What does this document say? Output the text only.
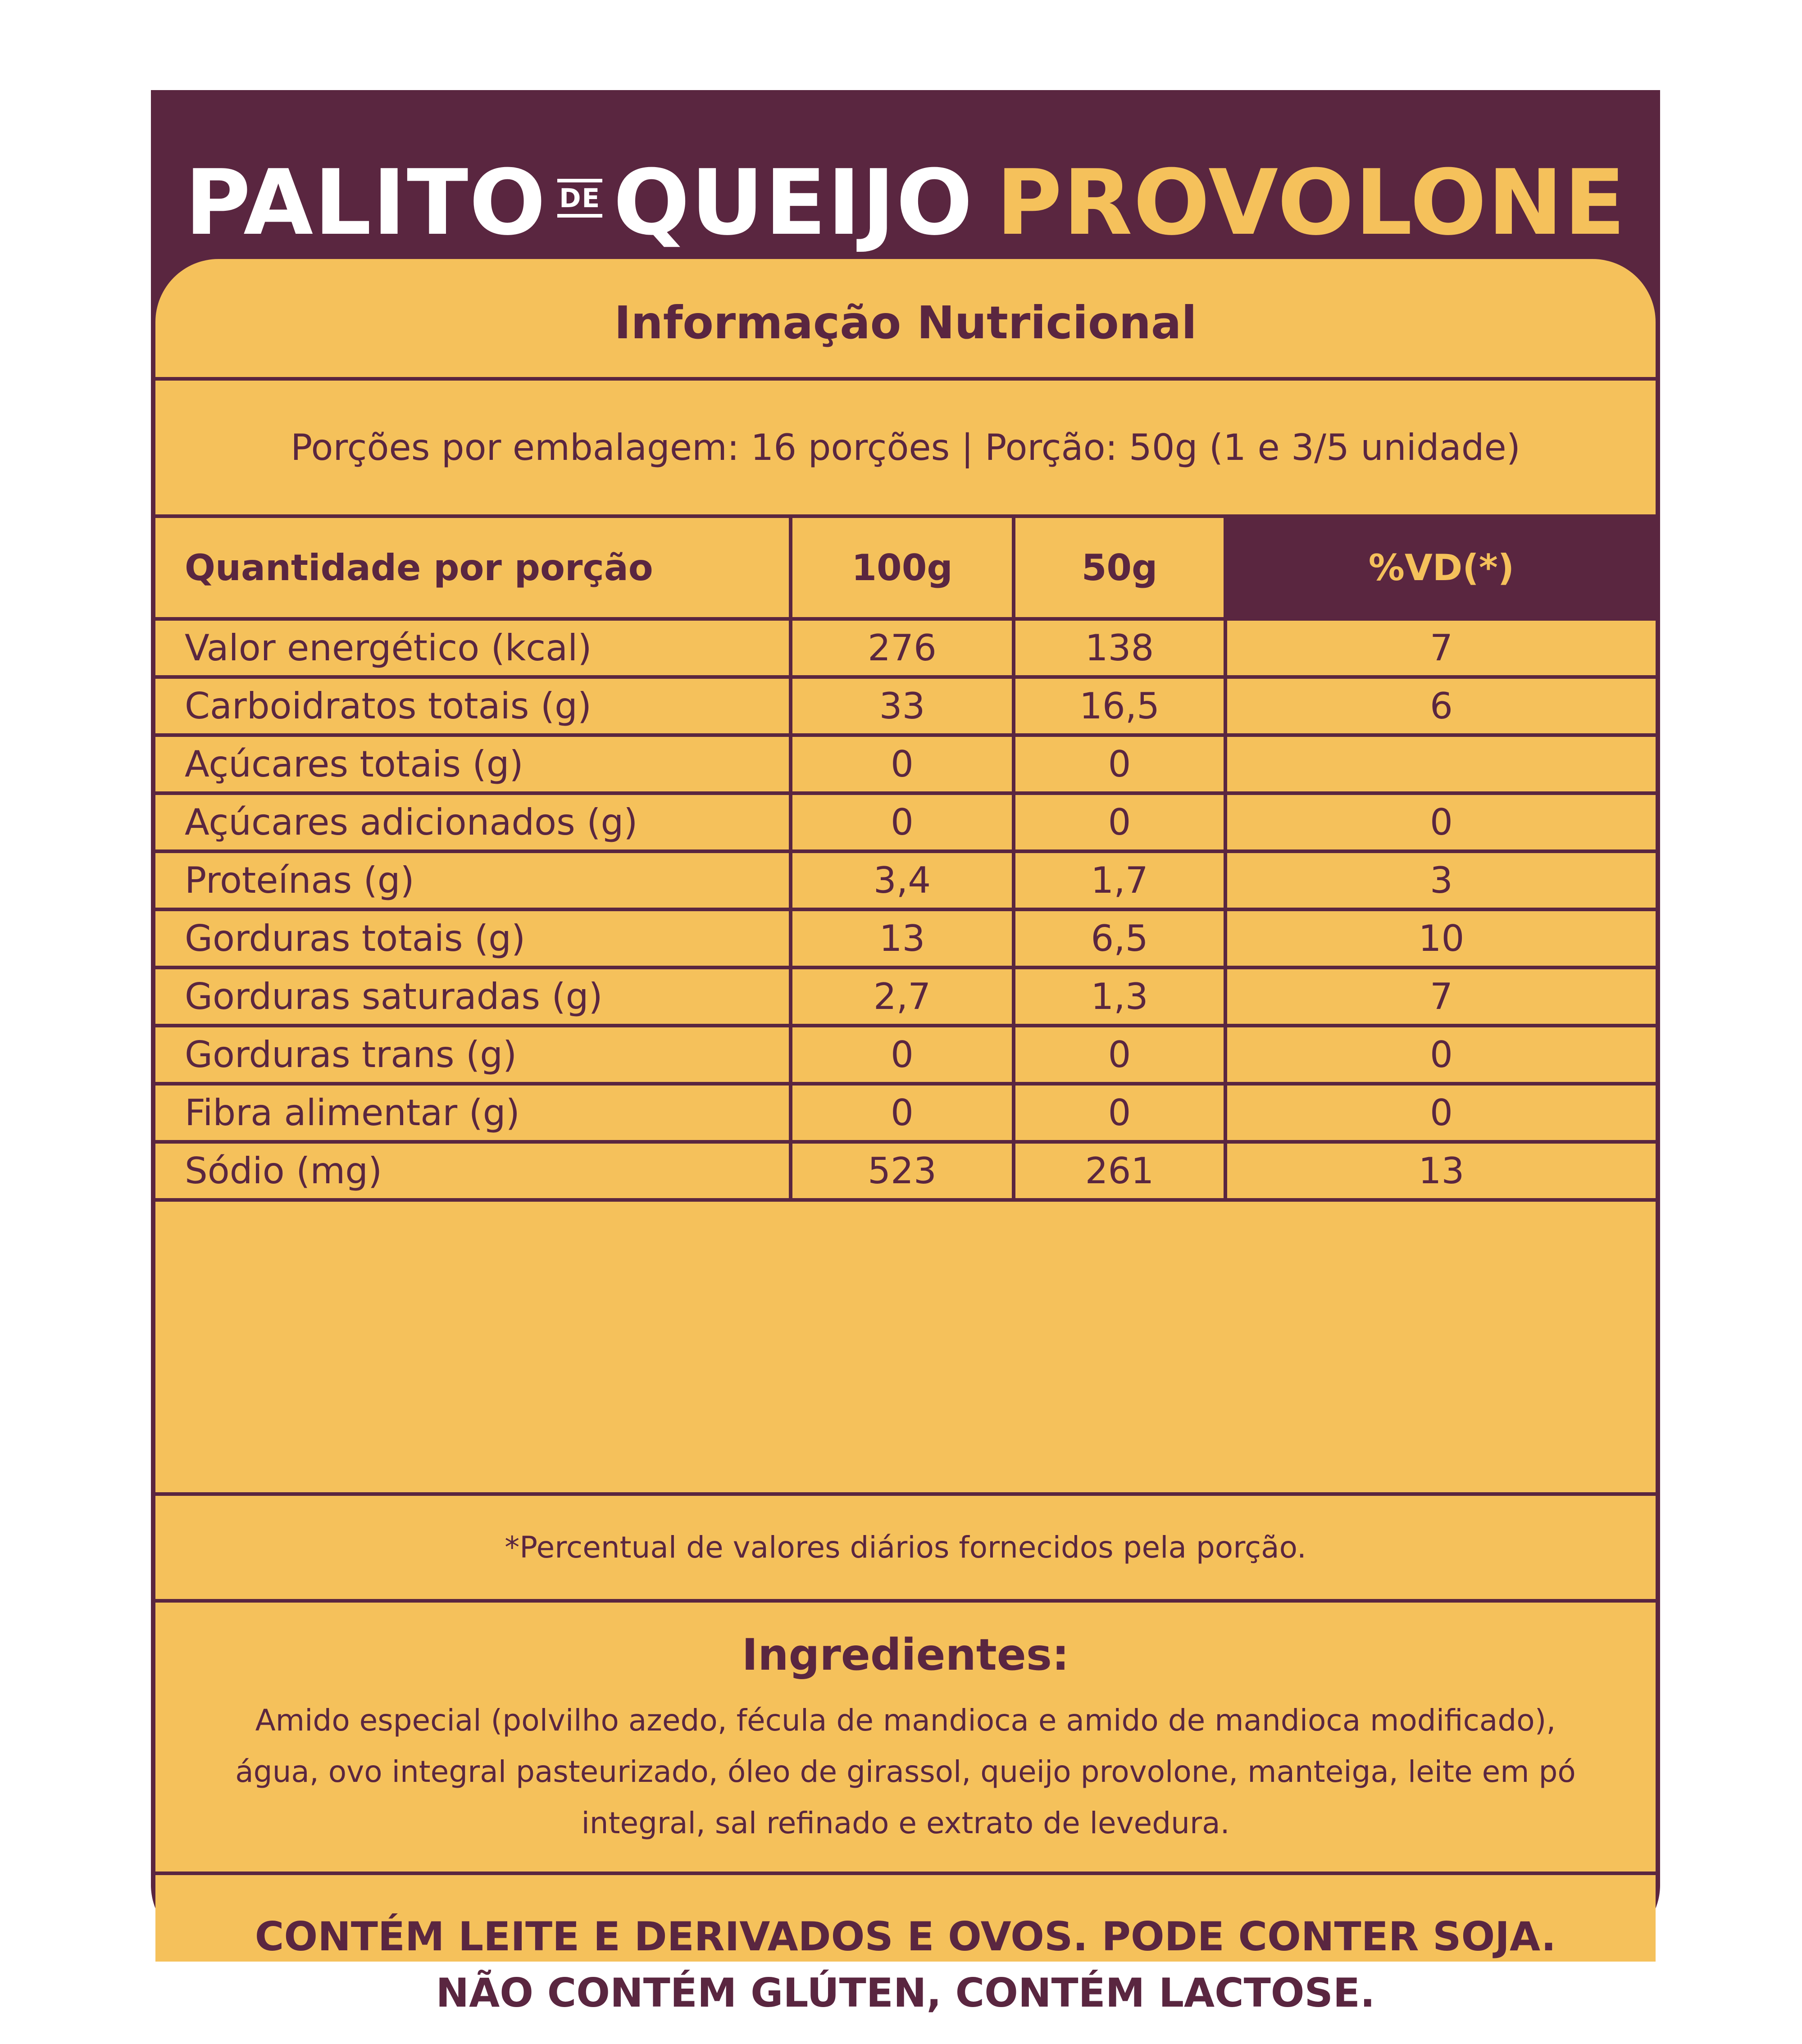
PALITO DE QUEIJO PROVOLONE
Informação Nutricional
Porções por embalagem: 16 porções | Porção: 50g (1 e 3/5 unidade)
Quantidade por porção	100g	50g	%VD(*)
Valor energético (kcal)	276	138	7
Carboidratos totais (g)	33	16,5	6
Açúcares totais (g)	0	0	
Açúcares adicionados (g)	0	0	0
Proteínas (g)	3,4	1,7	3
Gorduras totais (g)	13	6,5	10
Gorduras saturadas (g)	2,7	1,3	7
Gorduras trans (g)	0	0	0
Fibra alimentar (g)	0	0	0
Sódio (mg)	523	261	13
*Percentual de valores diários fornecidos pela porção.
Ingredientes:
Amido especial (polvilho azedo, fécula de mandioca e amido de mandioca modificado), água, ovo integral pasteurizado, óleo de girassol, queijo provolone, manteiga, leite em pó integral, sal refinado e extrato de levedura.
CONTÉM LEITE E DERIVADOS E OVOS. PODE CONTER SOJA.
NÃO CONTÉM GLÚTEN, CONTÉM LACTOSE.
